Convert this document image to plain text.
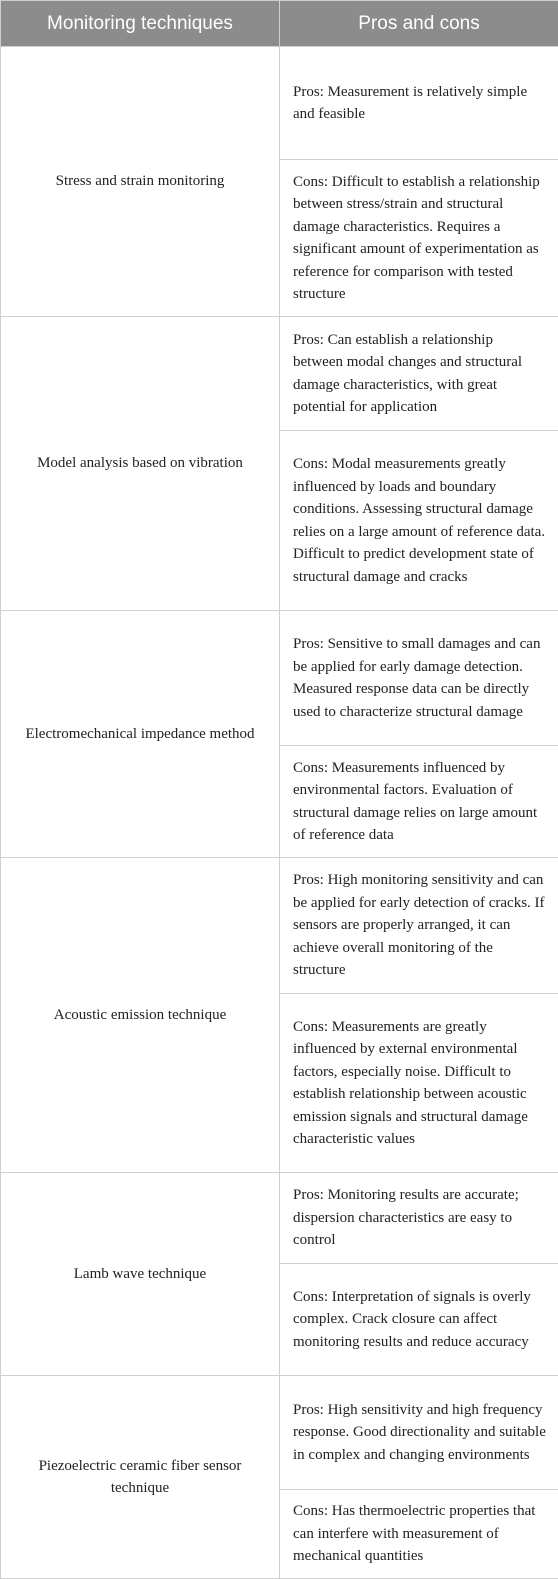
Monitoring techniques	Pros and cons
Stress and strain monitoring	Pros: Measurement is relatively simple and feasible
	Cons: Difficult to establish a relationship between stress/strain and structural damage characteristics. Requires a significant amount of experimentation as reference for comparison with tested structure
Model analysis based on vibration	Pros: Can establish a relationship between modal changes and structural damage characteristics, with great potential for application
	Cons: Modal measurements greatly influenced by loads and boundary conditions. Assessing structural damage relies on a large amount of reference data. Difficult to predict development state of structural damage and cracks
Electromechanical impedance method	Pros: Sensitive to small damages and can be applied for early damage detection. Measured response data can be directly used to characterize structural damage
	Cons: Measurements influenced by environmental factors. Evaluation of structural damage relies on large amount of reference data
Acoustic emission technique	Pros: High monitoring sensitivity and can be applied for early detection of cracks. If sensors are properly arranged, it can achieve overall monitoring of the structure
	Cons: Measurements are greatly influenced by external environmental factors, especially noise. Difficult to establish relationship between acoustic emission signals and structural damage characteristic values
Lamb wave technique	Pros: Monitoring results are accurate; dispersion characteristics are easy to control
	Cons: Interpretation of signals is overly complex. Crack closure can affect monitoring results and reduce accuracy
Piezoelectric ceramic fiber sensor technique	Pros: High sensitivity and high frequency response. Good directionality and suitable in complex and changing environments
	Cons: Has thermoelectric properties that can interfere with measurement of mechanical quantities
